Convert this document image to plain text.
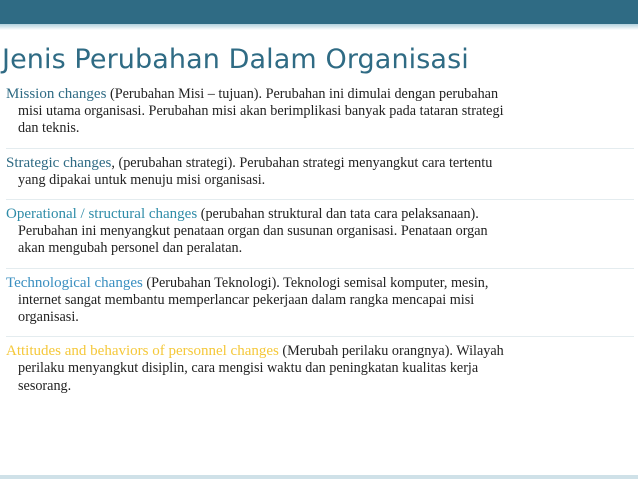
Jenis Perubahan Dalam Organisasi
Mission changes (Perubahan Misi – tujuan). Perubahan ini dimulai dengan perubahan
misi utama organisasi. Perubahan misi akan berimplikasi banyak pada tataran strategi
dan teknis.
Strategic changes, (perubahan strategi). Perubahan strategi menyangkut cara tertentu
yang dipakai untuk menuju misi organisasi.
Operational / structural changes (perubahan struktural dan tata cara pelaksanaan).
Perubahan ini menyangkut penataan organ dan susunan organisasi. Penataan organ
akan mengubah personel dan peralatan.
Technological changes (Perubahan Teknologi). Teknologi semisal komputer, mesin,
internet sangat membantu memperlancar pekerjaan dalam rangka mencapai misi
organisasi.
Attitudes and behaviors of personnel changes (Merubah perilaku orangnya). Wilayah
perilaku menyangkut disiplin, cara mengisi waktu dan peningkatan kualitas kerja
sesorang.
